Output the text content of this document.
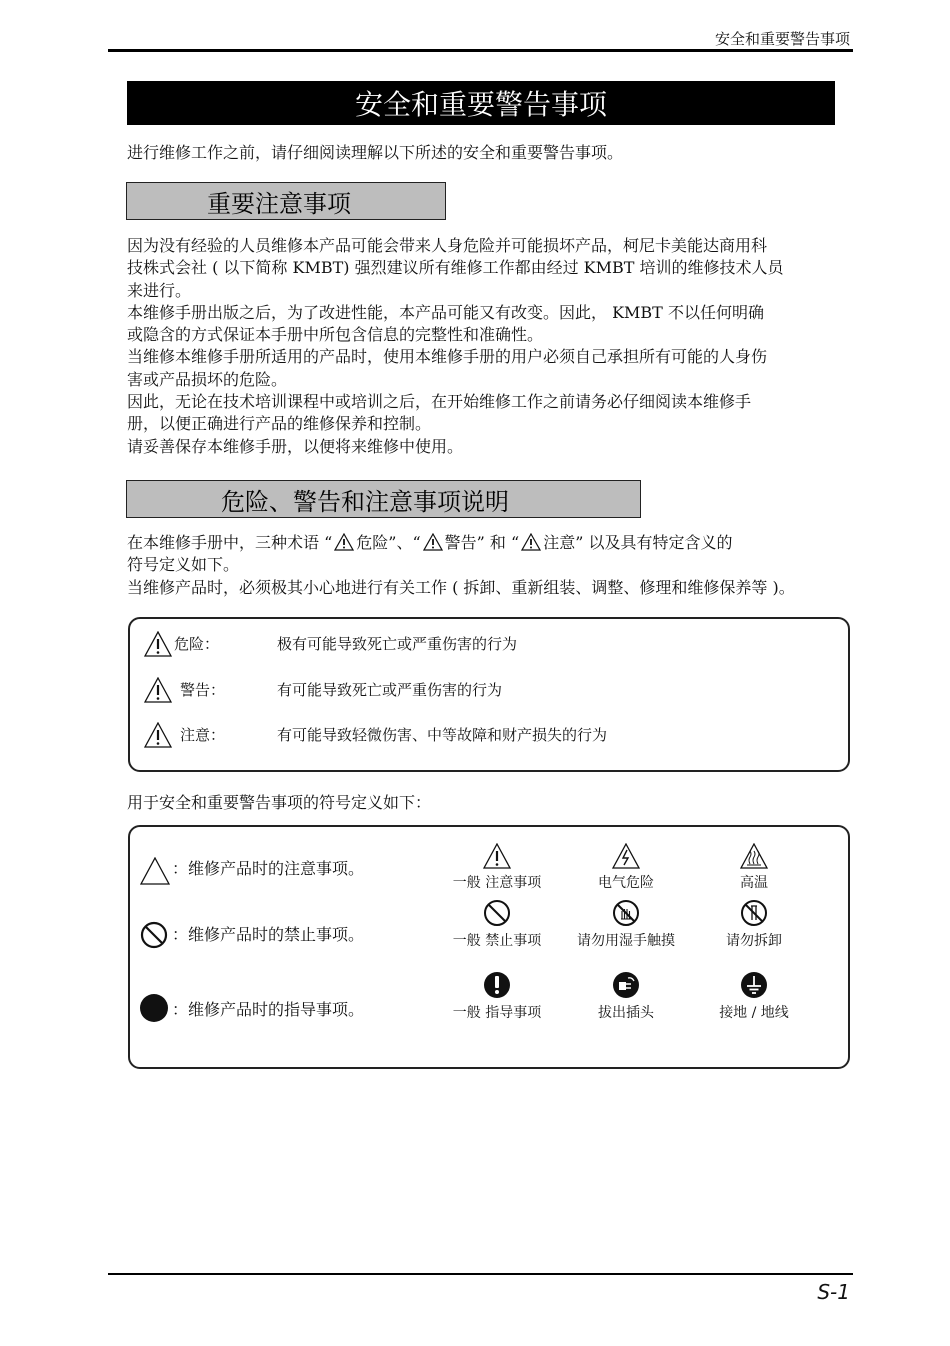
安全和重要警告事项
安全和重要警告事项
进行维修工作之前，请仔细阅读理解以下所述的安全和重要警告事项。
重要注意事项

因为没有经验的人员维修本产品可能会带来人身危险并可能损坏产品，柯尼卡美能达商用科

技株式会社 ( 以下简称 KMBT) 强烈建议所有维修工作都由经过 KMBT 培训的维修技术人员

来进行。

本维修手册出版之后，为了改进性能，本产品可能又有改变。因此， KMBT 不以任何明确

或隐含的方式保证本手册中所包含信息的完整性和准确性。

当维修本维修手册所适用的产品时，使用本维修手册的用户必须自己承担所有可能的人身伤

害或产品损坏的危险。

因此，无论在技术培训课程中或培训之后，在开始维修工作之前请务必仔细阅读本维修手

册，以便正确进行产品的维修保养和控制。

请妥善保存本维修手册，以便将来维修中使用。

危险、警告和注意事项说明

在本维修手册中，三种术语 “ 危险”、“ 警告” 和 “ 注意” 以及具有特定含义的

符号定义如下。

当维修产品时，必须极其小心地进行有关工作 ( 拆卸、重新组装、调整、修理和维修保养等 )。

危险：	极有可能导致死亡或严重伤害的行为
警告：	有可能导致死亡或严重伤害的行为
注意：	有可能导致轻微伤害、中等故障和财产损失的行为
用于安全和重要警告事项的符号定义如下：
：维修产品时的注意事项。
：维修产品时的禁止事项。
：维修产品时的指导事项。
一般 注意事项	电气危险	高温
一般 禁止事项	请勿用湿手触摸	请勿拆卸
一般 指导事项	拔出插头	接地 / 地线
S-1
